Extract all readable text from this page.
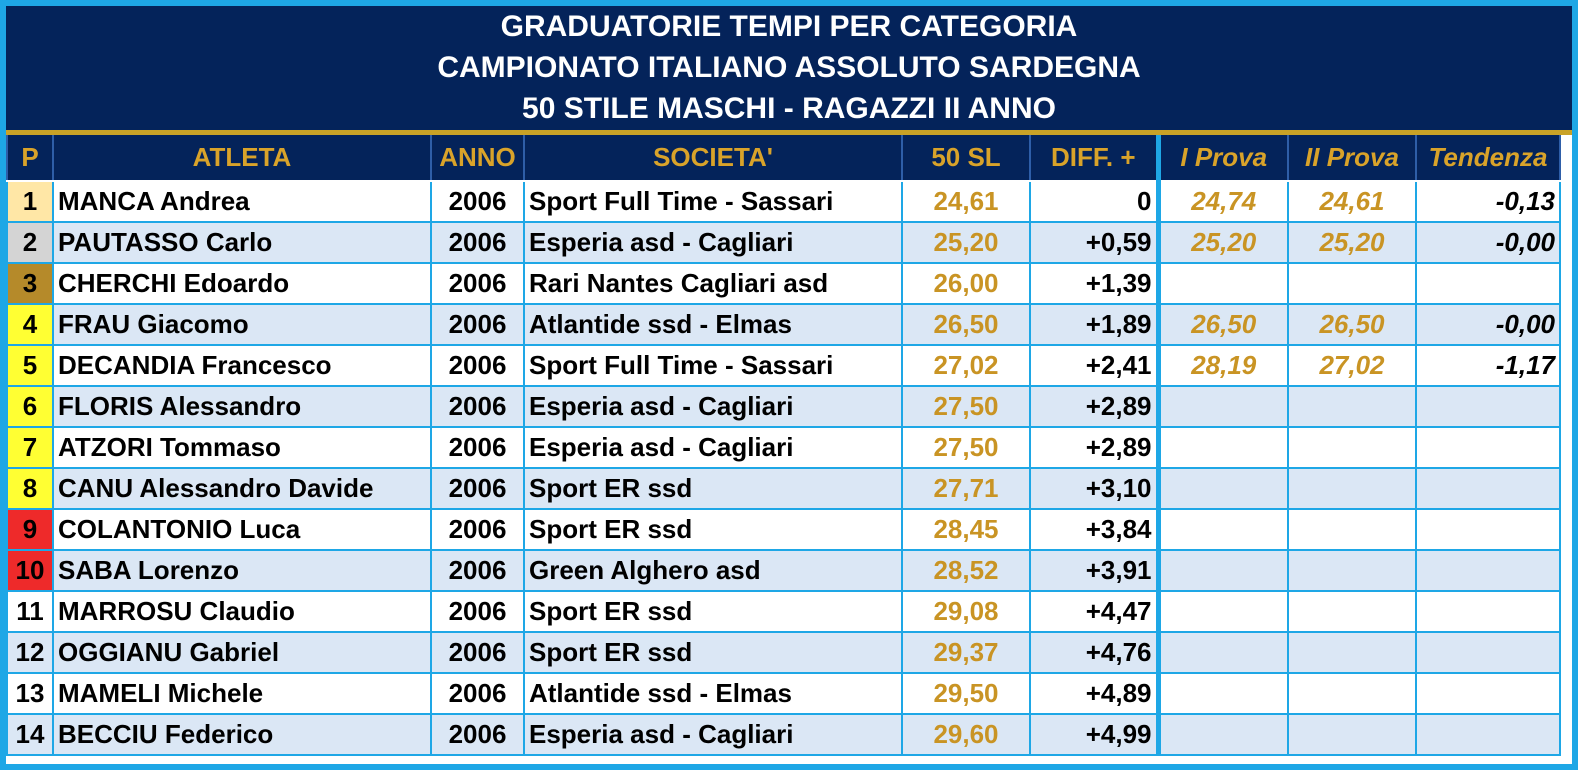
GRADUATORIE TEMPI PER CATEGORIA
CAMPIONATO ITALIANO ASSOLUTO SARDEGNA
50 STILE MASCHI - RAGAZZI II ANNO
P	ATLETA	ANNO	SOCIETA'	50 SL	DIFF. +	I Prova	II Prova	Tendenza
1	MANCA Andrea	2006	Sport Full Time - Sassari	24,61	0	24,74	24,61	-0,13
2	PAUTASSO Carlo	2006	Esperia asd - Cagliari	25,20	+0,59	25,20	25,20	-0,00
3	CHERCHI Edoardo	2006	Rari Nantes Cagliari asd	26,00	+1,39			
4	FRAU Giacomo	2006	Atlantide ssd - Elmas	26,50	+1,89	26,50	26,50	-0,00
5	DECANDIA Francesco	2006	Sport Full Time - Sassari	27,02	+2,41	28,19	27,02	-1,17
6	FLORIS Alessandro	2006	Esperia asd - Cagliari	27,50	+2,89			
7	ATZORI Tommaso	2006	Esperia asd - Cagliari	27,50	+2,89			
8	CANU Alessandro Davide	2006	Sport ER ssd	27,71	+3,10			
9	COLANTONIO Luca	2006	Sport ER ssd	28,45	+3,84			
10	SABA Lorenzo	2006	Green Alghero asd	28,52	+3,91			
11	MARROSU Claudio	2006	Sport ER ssd	29,08	+4,47			
12	OGGIANU Gabriel	2006	Sport ER ssd	29,37	+4,76			
13	MAMELI Michele	2006	Atlantide ssd - Elmas	29,50	+4,89			
14	BECCIU Federico	2006	Esperia asd - Cagliari	29,60	+4,99			
